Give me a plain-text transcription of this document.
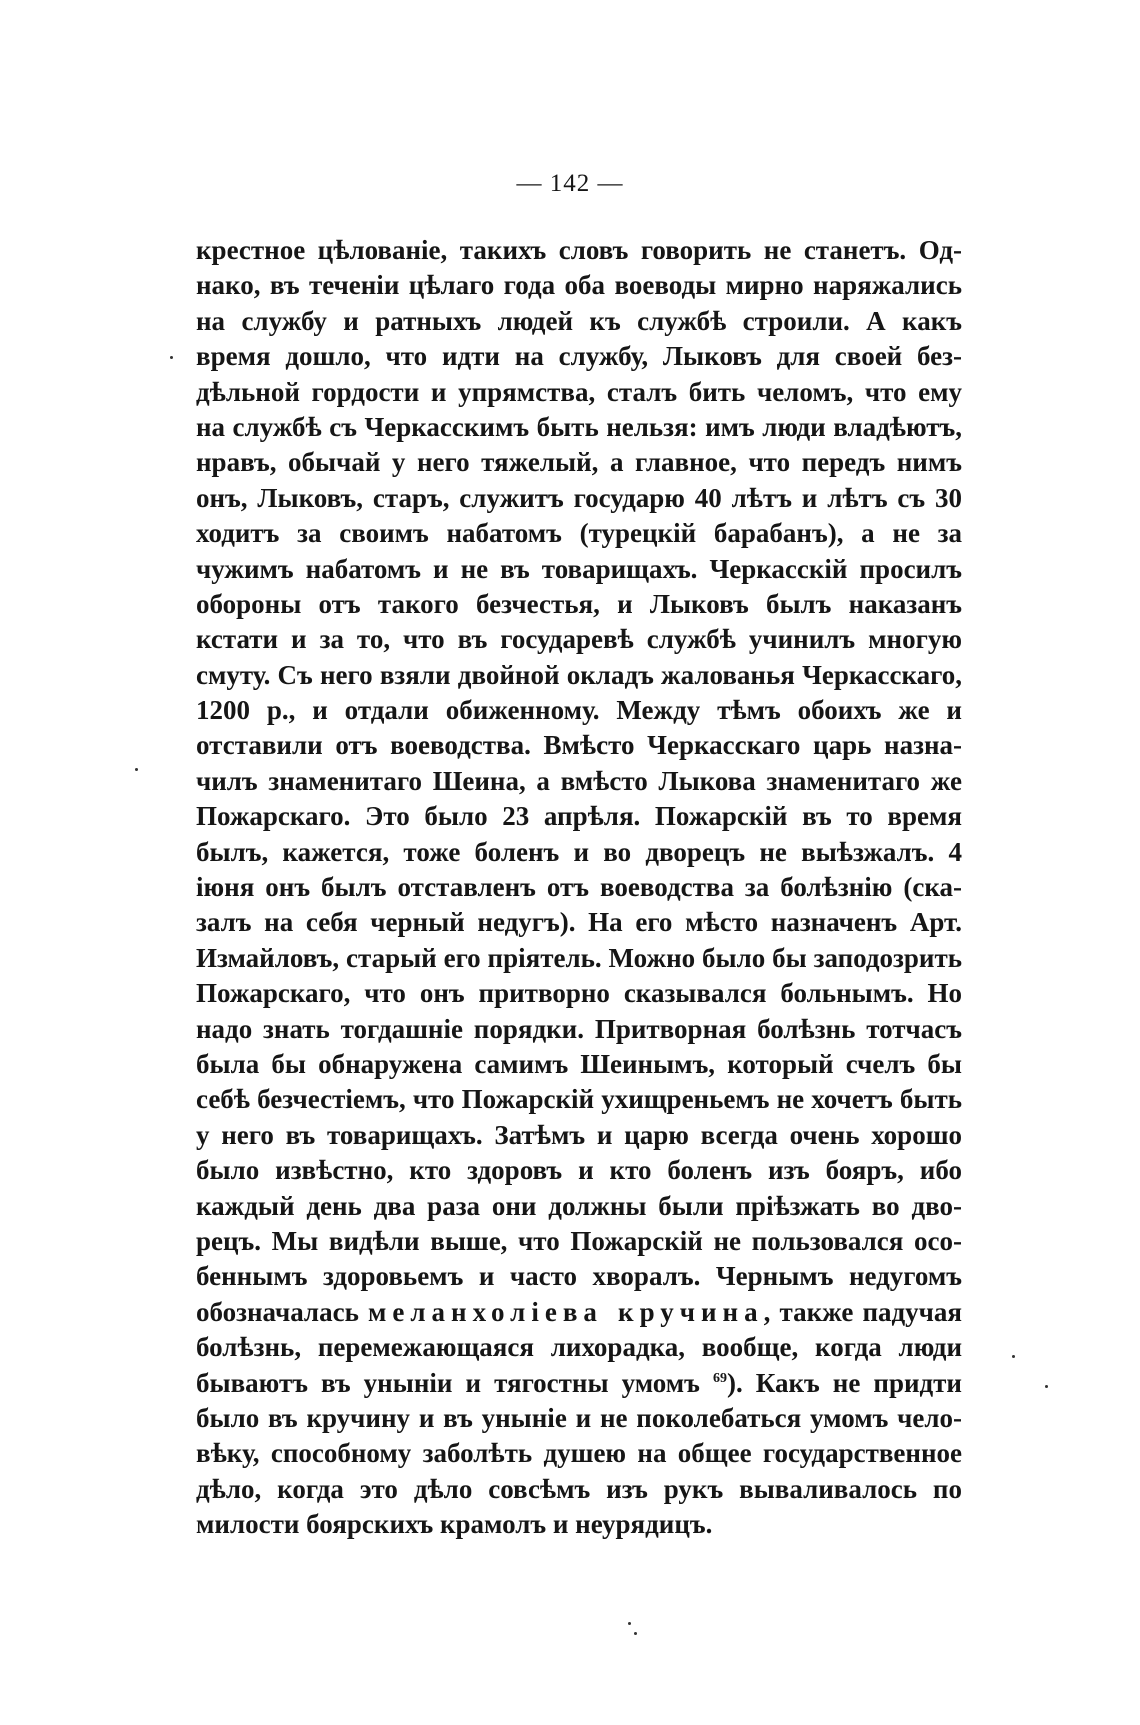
— 142 —
крестное цѣлованіе, такихъ словъ говорить не станетъ. Од-
нако, въ теченіи цѣлаго года оба воеводы мирно наряжались
на службу и ратныхъ людей къ службѣ строили. А какъ
время дошло, что идти на службу, Лыковъ для своей без-
дѣльной гордости и упрямства, сталъ бить челомъ, что ему
на службѣ съ Черкасскимъ быть нельзя: имъ люди владѣютъ,
нравъ, обычай у него тяжелый, а главное, что передъ нимъ
онъ, Лыковъ, старъ, служитъ государю 40 лѣтъ и лѣтъ съ 30
ходитъ за своимъ набатомъ (турецкій барабанъ), а не за
чужимъ набатомъ и не въ товарищахъ. Черкасскій просилъ
обороны отъ такого безчестья, и Лыковъ былъ наказанъ
кстати и за то, что въ государевѣ службѣ учинилъ многую
смуту. Съ него взяли двойной окладъ жалованья Черкасскаго,
1200 р., и отдали обиженному. Между тѣмъ обоихъ же и
отставили отъ воеводства. Вмѣсто Черкасскаго царь назна-
чилъ знаменитаго Шеина, а вмѣсто Лыкова знаменитаго же
Пожарскаго. Это было 23 апрѣля. Пожарскій въ то время
былъ, кажется, тоже боленъ и во дворецъ не выѣзжалъ. 4
іюня онъ былъ отставленъ отъ воеводства за болѣзнію (ска-
залъ на себя черный недугъ). На его мѣсто назначенъ Арт.
Измайловъ, старый его пріятель. Можно было бы заподозрить
Пожарскаго, что онъ притворно сказывался больнымъ. Но
надо знать тогдашніе порядки. Притворная болѣзнь тотчасъ
была бы обнаружена самимъ Шеинымъ, который счелъ бы
себѣ безчестіемъ, что Пожарскій ухищреньемъ не хочетъ быть
у него въ товарищахъ. Затѣмъ и царю всегда очень хорошо
было извѣстно, кто здоровъ и кто боленъ изъ бояръ, ибо
каждый день два раза они должны были пріѣзжать во дво-
рецъ. Мы видѣли выше, что Пожарскій не пользовался осо-
беннымъ здоровьемъ и часто хворалъ. Чернымъ недугомъ
обозначалась меланхоліева кручина, также падучая
болѣзнь, перемежающаяся лихорадка, вообще, когда люди
бываютъ въ уныніи и тягостны умомъ $^{69}$). Какъ не придти
было въ кручину и въ уныніе и не поколебаться умомъ чело-
вѣку, способному заболѣть душею на общее государственное
дѣло, когда это дѣло совсѣмъ изъ рукъ вываливалось по
милости боярскихъ крамолъ и неурядицъ.
